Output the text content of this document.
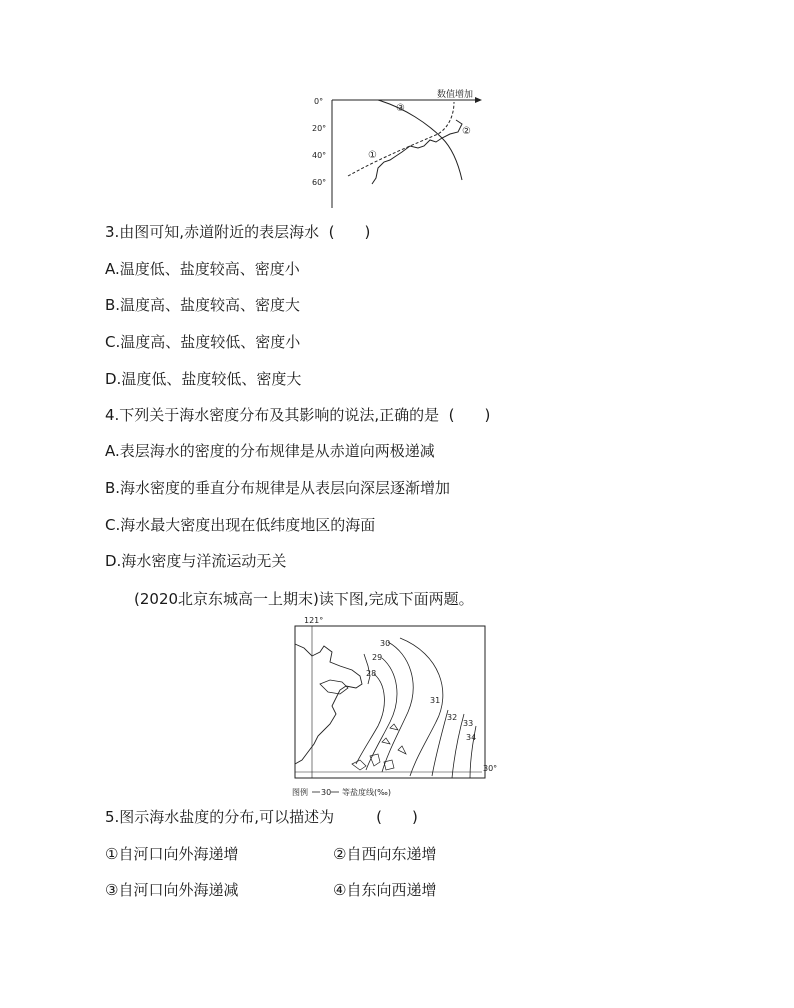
0°
20°
40°
60°
数值增加
③
②
①
3.由图可知,赤道附近的表层海水 (　　)
A.温度低、盐度较高、密度小
B.温度高、盐度较高、密度大
C.温度高、盐度较低、密度小
D.温度低、盐度较低、密度大
4.下列关于海水密度分布及其影响的说法,正确的是 (　　)
A.表层海水的密度的分布规律是从赤道向两极递减
B.海水密度的垂直分布规律是从表层向深层逐渐增加
C.海水最大密度出现在低纬度地区的海面
D.海水密度与洋流运动无关
(2020北京东城高一上期末)读下图,完成下面两题。
121°
30°
28
29
30
31
32
33
34
图例 30 等盐度线(‰)
5.图示海水盐度的分布,可以描述为	(　　)
①自河口向外海递增	②自西向东递增
③自河口向外海递减	④自东向西递增
